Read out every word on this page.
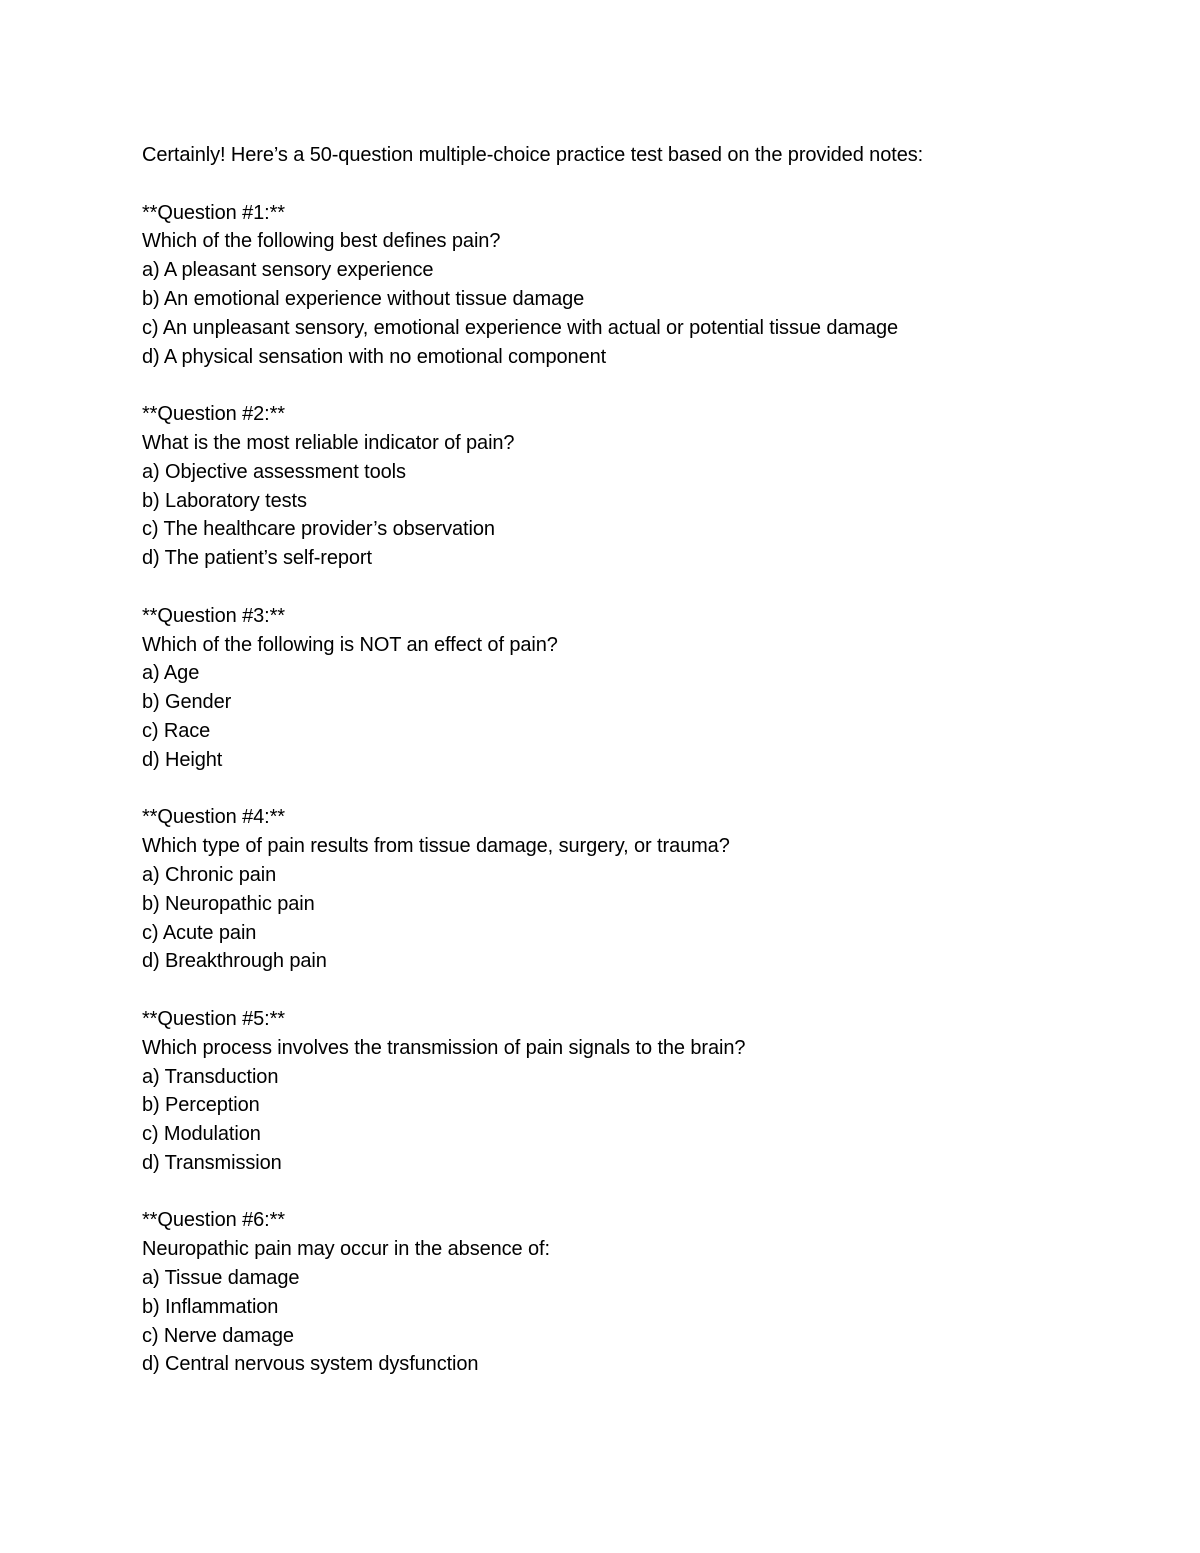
Certainly! Here’s a 50-question multiple-choice practice test based on the provided notes:
**Question #1:**
Which of the following best defines pain?
a) A pleasant sensory experience
b) An emotional experience without tissue damage
c) An unpleasant sensory, emotional experience with actual or potential tissue damage
d) A physical sensation with no emotional component
**Question #2:**
What is the most reliable indicator of pain?
a) Objective assessment tools
b) Laboratory tests
c) The healthcare provider’s observation
d) The patient’s self-report
**Question #3:**
Which of the following is NOT an effect of pain?
a) Age
b) Gender
c) Race
d) Height
**Question #4:**
Which type of pain results from tissue damage, surgery, or trauma?
a) Chronic pain
b) Neuropathic pain
c) Acute pain
d) Breakthrough pain
**Question #5:**
Which process involves the transmission of pain signals to the brain?
a) Transduction
b) Perception
c) Modulation
d) Transmission
**Question #6:**
Neuropathic pain may occur in the absence of:
a) Tissue damage
b) Inflammation
c) Nerve damage
d) Central nervous system dysfunction
